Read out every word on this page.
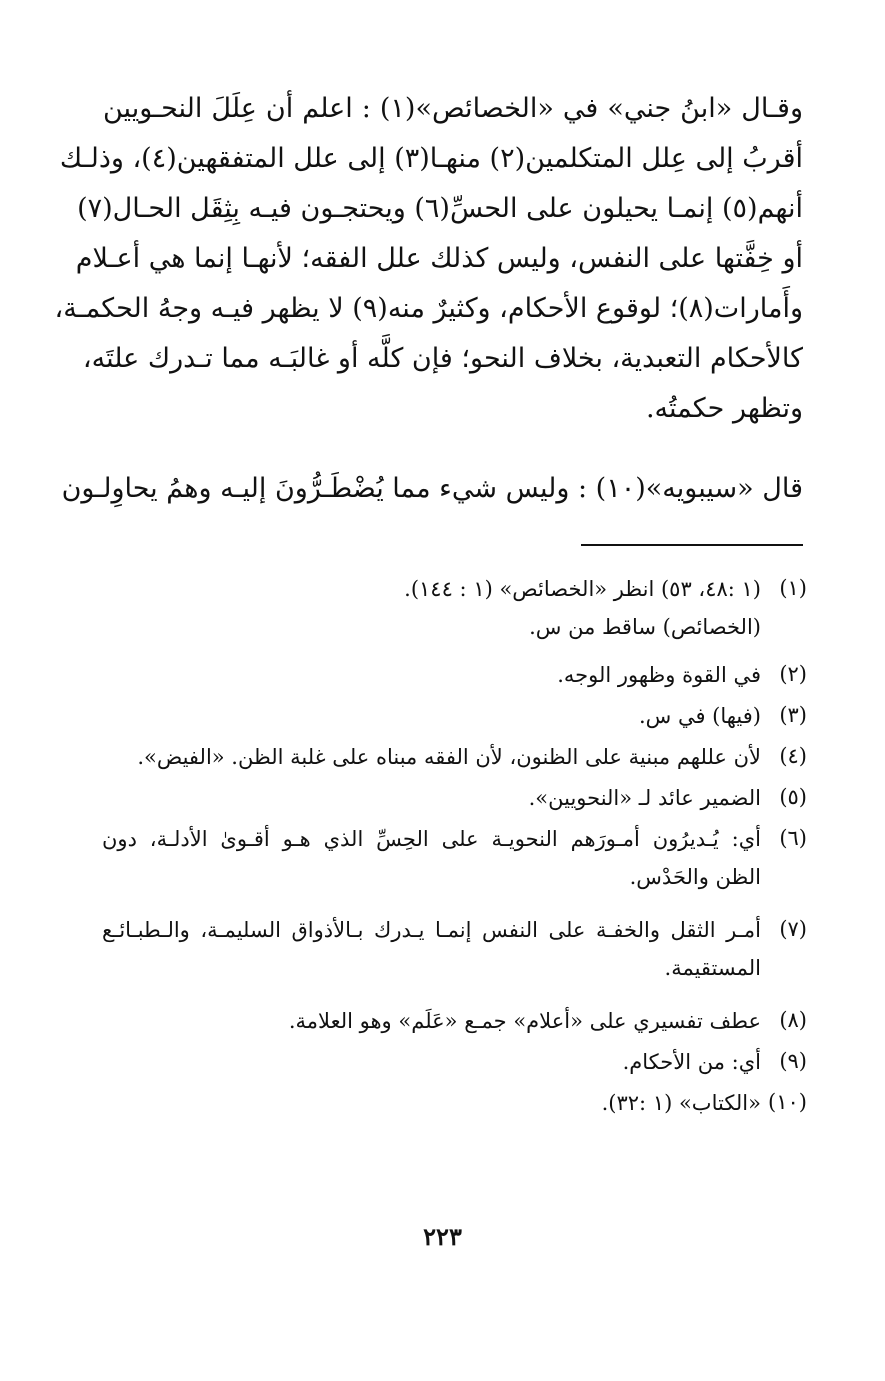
وقـال «ابنُ جني» في «الخصائص»(١) : اعلم أن عِلَلَ النحـويين
أقربُ إلى عِلل المتكلمين(٢) منهـا(٣) إلى علل المتفقهين(٤)، وذلـك
أنهم(٥) إنمـا يحيلون على الحسِّ(٦) ويحتجـون فيـه بِثِقَل الحـال(٧)
أو خِفَّتها على النفس، وليس كذلك علل الفقه؛ لأنهـا إنما هي أعـلام
وأَمارات(٨)؛ لوقوع الأحكام، وكثيرٌ منه(٩) لا يظهر فيـه وجهُ الحكمـة،
كالأحكام التعبدية، بخلاف النحو؛ فإن كلَّه أو غالبَـه مما تـدرك علتَه،
وتظهر حكمتُه.
قال «سيبويه»(١٠) : وليس شيء مما يُضْطَـرُّونَ إليـه وهمُ يحاوِلـون
(١)
(١ :٤٨، ٥٣) انظر «الخصائص» (١ : ١٤٤).
(الخصائص) ساقط من س.
(٢)
في القوة وظهور الوجه.
(٣)
(فيها) في س.
(٤)
لأن عللهم مبنية على الظنون، لأن الفقه مبناه على غلبة الظن. «الفيض».
(٥)
الضمير عائد لـ «النحويين».
(٦)
أي: يُـديرُون أمـورَهم النحويـة على الحِسِّ الذي هـو أقـوىٰ الأدلـة، دون
الظن والحَدْس.
(٧)
أمـر الثقل والخفـة على النفس إنمـا يـدرك بـالأذواق السليمـة، والـطبـائـع
المستقيمة.
(٨)
عطف تفسيري على «أعلام» جمـع «عَلَم» وهو العلامة.
(٩)
أي: من الأحكام.
(١٠)
«الكتاب» (١ :٣٢).
٢٢٣
